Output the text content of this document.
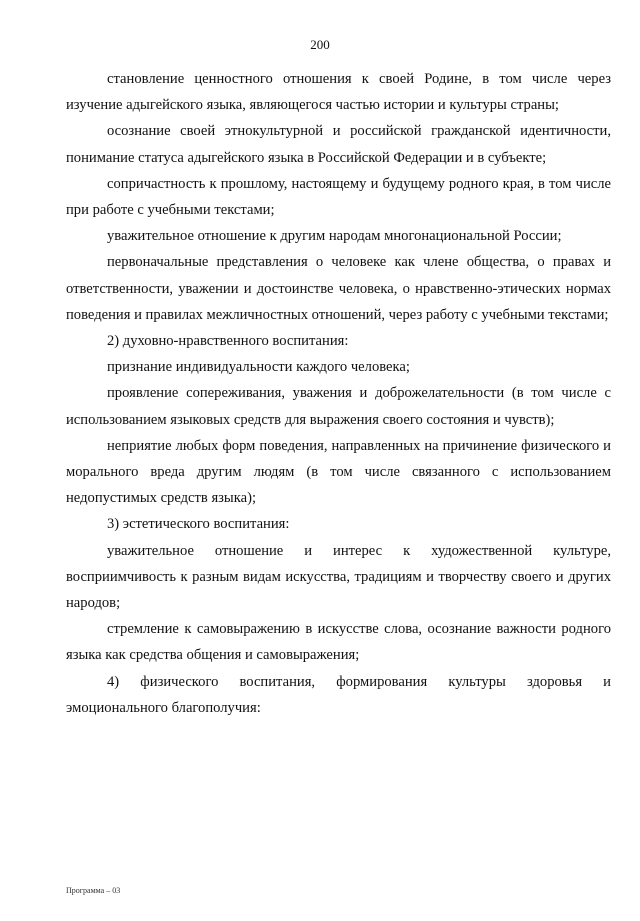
200

становление ценностного отношения к своей Родине, в том числе через изучение адыгейского языка, являющегося частью истории и культуры страны;

осознание своей этнокультурной и российской гражданской идентичности, понимание статуса адыгейского языка в Российской Федерации и в субъекте;

сопричастность к прошлому, настоящему и будущему родного края, в том числе при работе с учебными текстами;

уважительное отношение к другим народам многонациональной России;

первоначальные представления о человеке как члене общества, о правах и ответственности, уважении и достоинстве человека, о нравственно-этических нормах поведения и правилах межличностных отношений, через работу с учебными текстами;

2) духовно-нравственного воспитания:

признание индивидуальности каждого человека;

проявление сопереживания, уважения и доброжелательности (в том числе с использованием языковых средств для выражения своего состояния и чувств);

неприятие любых форм поведения, направленных на причинение физического и морального вреда другим людям (в том числе связанного с использованием недопустимых средств языка);

3) эстетического воспитания:

уважительное отношение и интерес к художественной культуре, восприимчивость к разным видам искусства, традициям и творчеству своего и других народов;

стремление к самовыражению в искусстве слова, осознание важности родного языка как средства общения и самовыражения;

4) физического воспитания, формирования культуры здоровья и эмоционального благополучия:

Программа – 03
